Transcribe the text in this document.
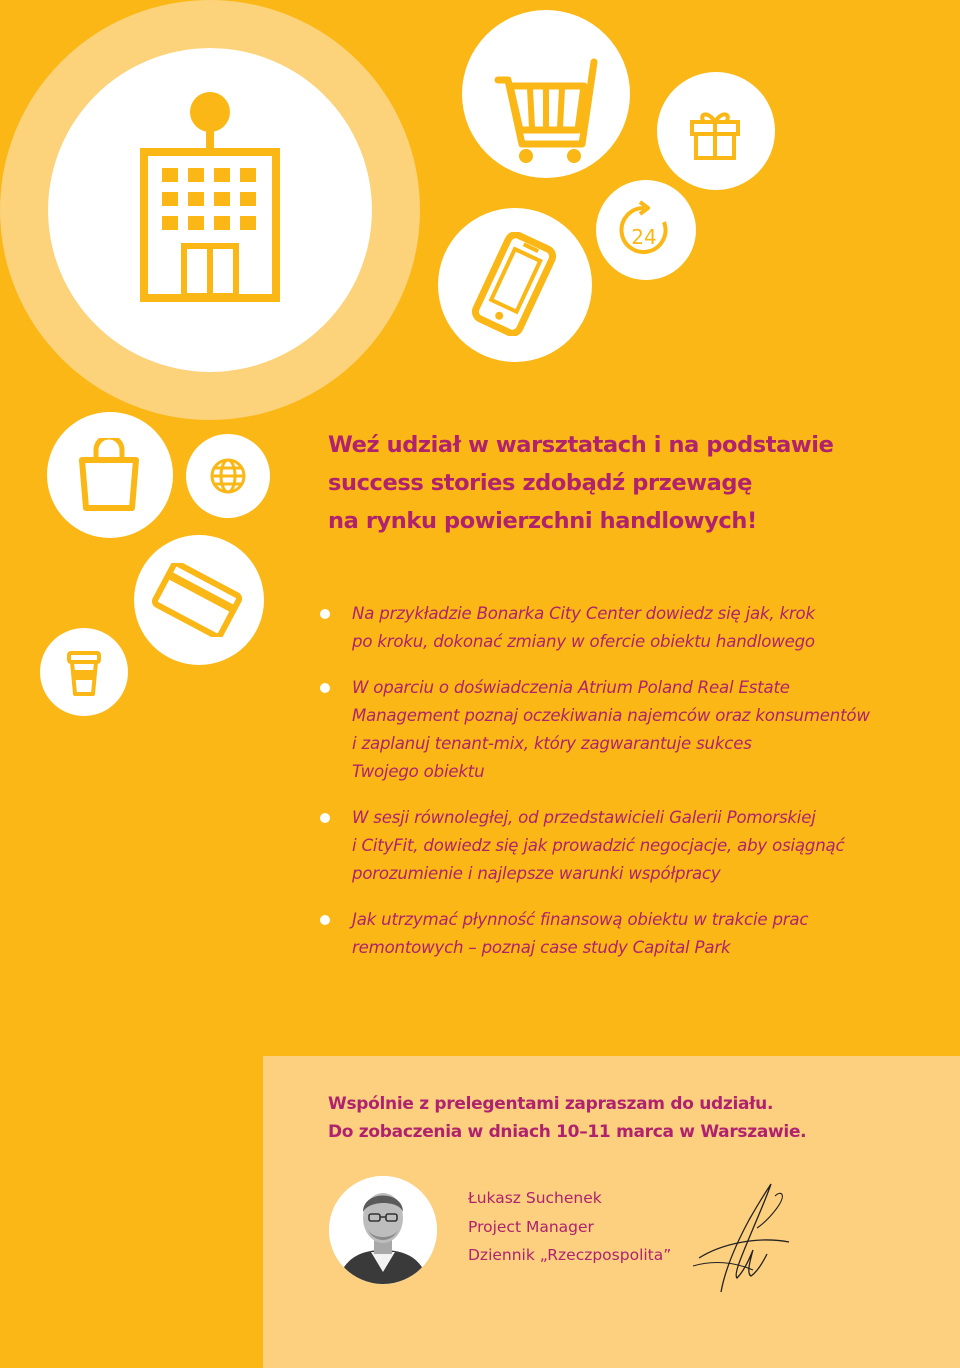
24
Weź udział w warsztatach i na podstawie
success stories zdobądź przewagę
na rynku powierzchni handlowych!
Na przykładzie Bonarka City Center dowiedz się jak, krok
po kroku, dokonać zmiany w ofercie obiektu handlowego
W oparciu o doświadczenia Atrium Poland Real Estate
Management poznaj oczekiwania najemców oraz konsumentów
i zaplanuj tenant-mix, który zagwarantuje sukces
Twojego obiektu
W sesji równoległej, od przedstawicieli Galerii Pomorskiej
i CityFit, dowiedz się jak prowadzić negocjacje, aby osiągnąć
porozumienie i najlepsze warunki współpracy
Jak utrzymać płynność finansową obiektu w trakcie prac
remontowych – poznaj case study Capital Park

Wspólnie z prelegentami zapraszam do udziału.
Do zobaczenia w dniach 10–11 marca w Warszawie.

Łukasz Suchenek
Project Manager
Dziennik „Rzeczpospolita”
